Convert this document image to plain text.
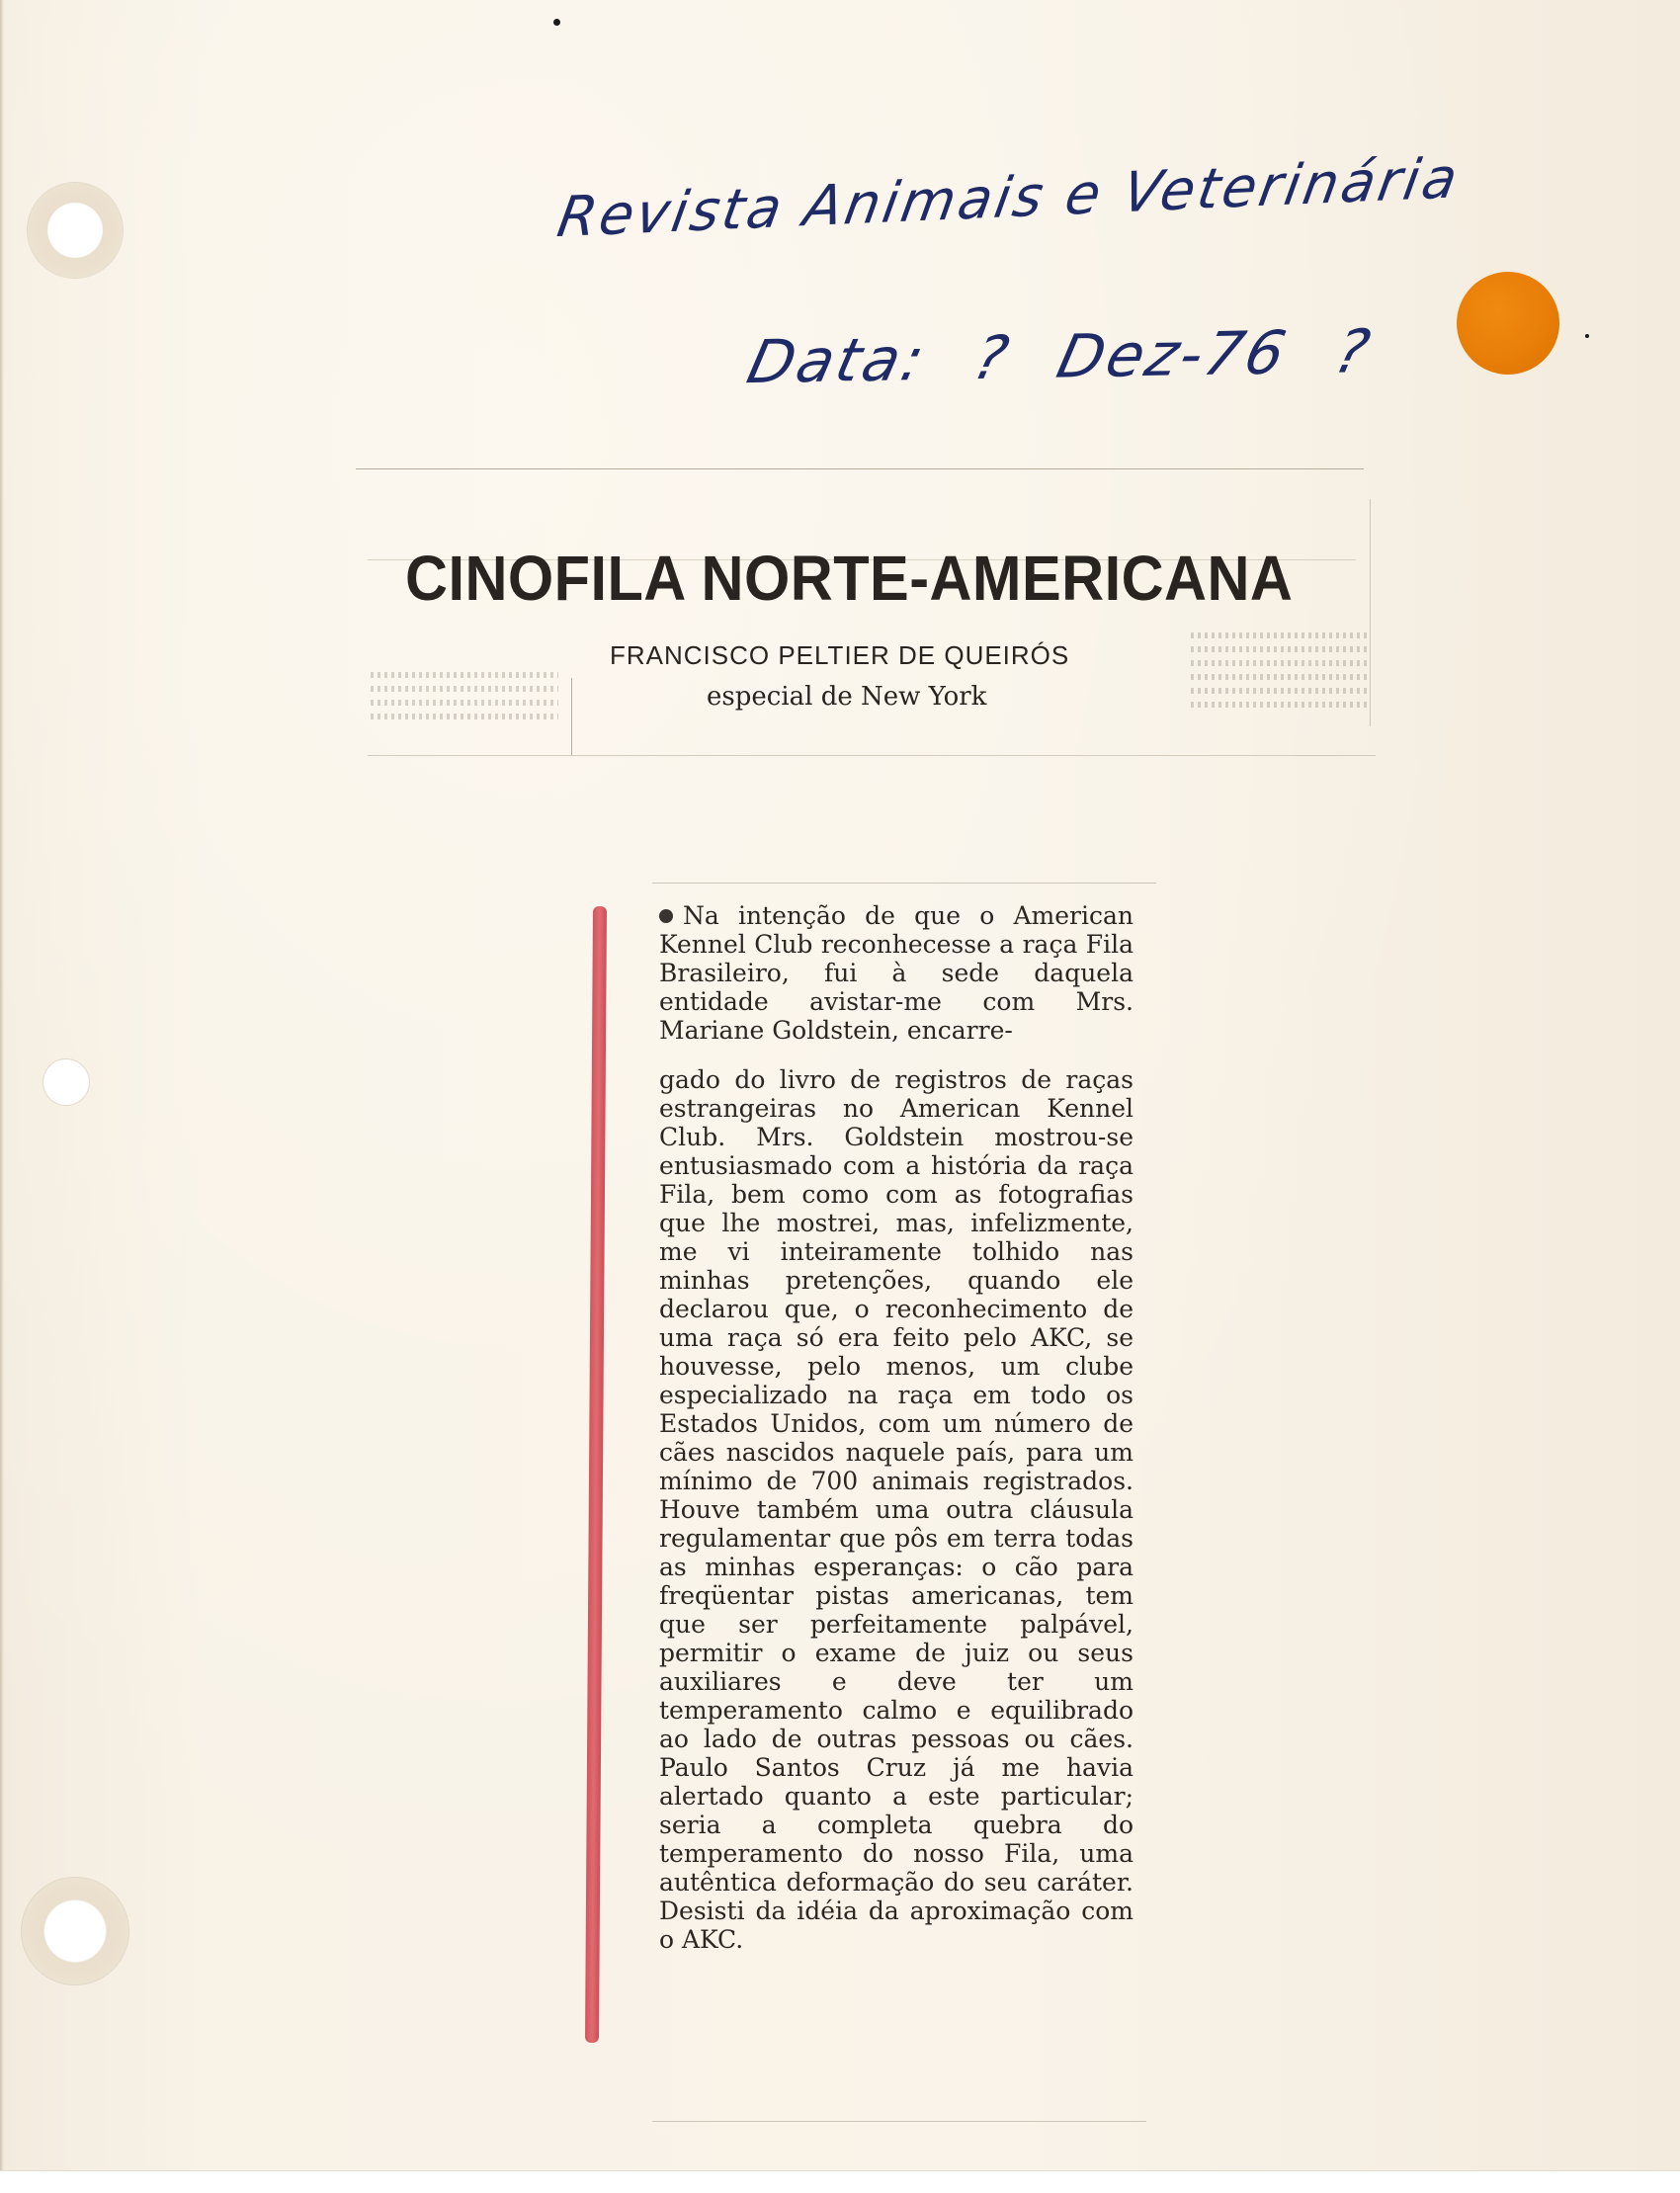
Revista Animais e Veterinária
Data: ? Dez-76 ?
CINOFILA NORTE-AMERICANA
FRANCISCO PELTIER DE QUEIRÓS
especial de New York

Na intenção de que o American Kennel Club reconhecesse a raça Fila Brasileiro, fui à sede daquela entidade avistar-me com Mrs. Mariane Goldstein, encarre-

gado do livro de registros de raças estrangeiras no American Kennel Club. Mrs. Goldstein mostrou-se entusiasmado com a história da raça Fila, bem como com as fotografias que lhe mostrei, mas, infelizmente, me vi inteiramente tolhido nas minhas pretenções, quando ele declarou que, o reconhecimento de uma raça só era feito pelo AKC, se houvesse, pelo menos, um clube especializado na raça em todo os Estados Unidos, com um número de cães nascidos naquele país, para um mínimo de 700 animais registrados. Houve também uma outra cláusula regulamentar que pôs em terra todas as minhas esperanças: o cão para freqüentar pistas americanas, tem que ser perfeitamente palpável, permitir o exame de juiz ou seus auxiliares e deve ter um temperamento calmo e equilibrado ao lado de outras pessoas ou cães. Paulo Santos Cruz já me havia alertado quanto a este particular; seria a completa quebra do temperamento do nosso Fila, uma autêntica deformação do seu caráter. Desisti da idéia da aproximação com o AKC.
